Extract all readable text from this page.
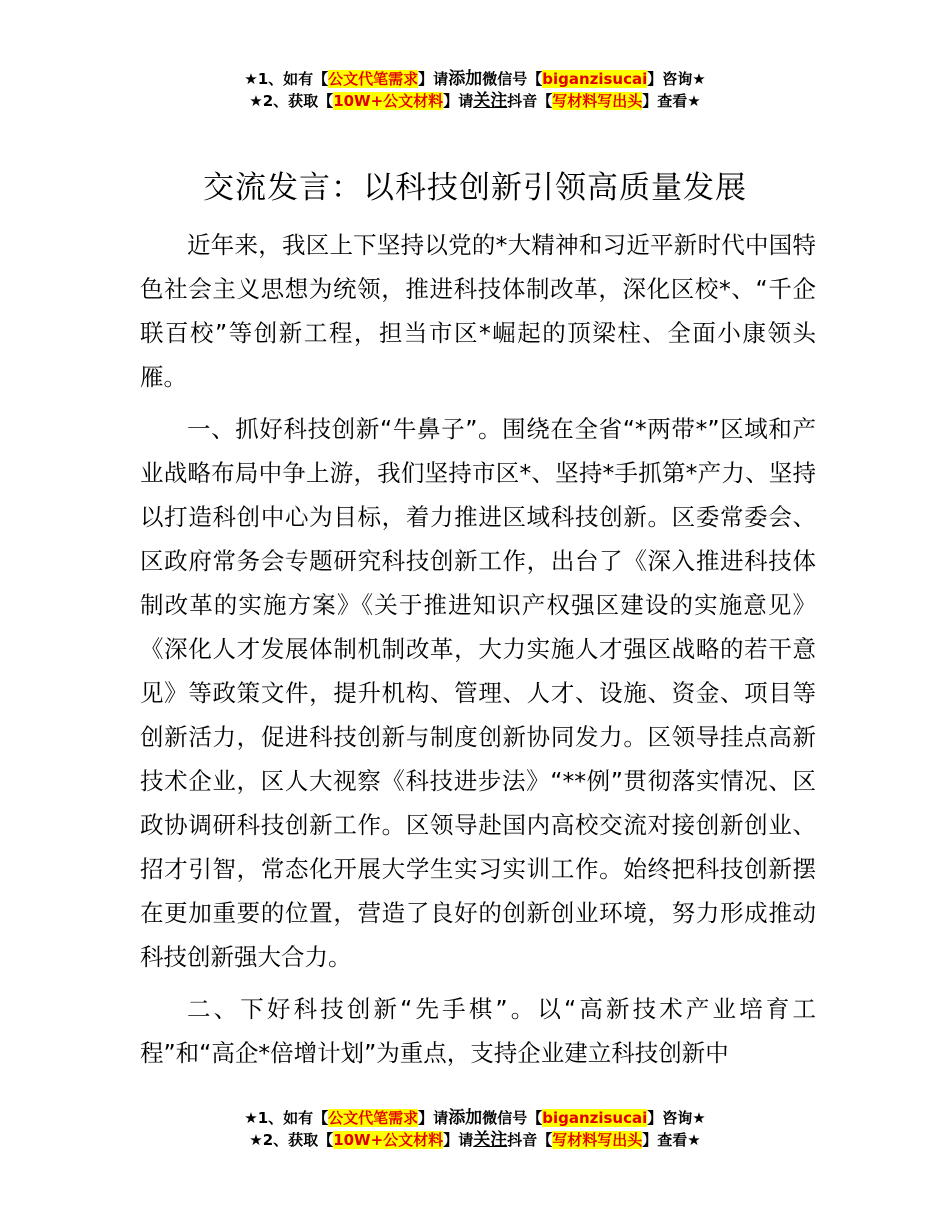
★1、如有【公文代笔需求】请添加微信号【biganzisucai】咨询★
★2、获取【10W+公文材料】请关注抖音【写材料写出头】查看★
交流发言：以科技创新引领高质量发展

近年来，我区上下坚持以党的*大精神和习近平新时代中国特色社会主义思想为统领，推进科技体制改革，深化区校*、“千企联百校”等创新工程，担当市区*崛起的顶梁柱、全面小康领头雁。

一、抓好科技创新“牛鼻子”。围绕在全省“*两带*”区域和产业战略布局中争上游，我们坚持市区*、坚持*手抓第*产力、坚持以打造科创中心为目标，着力推进区域科技创新。区委常委会、区政府常务会专题研究科技创新工作，出台了《深入推进科技体制改革的实施方案》《关于推进知识产权强区建设的实施意见》《深化人才发展体制机制改革，大力实施人才强区战略的若干意见》等政策文件，提升机构、管理、人才、设施、资金、项目等创新活力，促进科技创新与制度创新协同发力。区领导挂点高新技术企业，区人大视察《科技进步法》“**例”贯彻落实情况、区政协调研科技创新工作。区领导赴国内高校交流对接创新创业、招才引智，常态化开展大学生实习实训工作。始终把科技创新摆在更加重要的位置，营造了良好的创新创业环境，努力形成推动科技创新强大合力。

二、下好科技创新“先手棋”。以“高新技术产业培育工程”和“高企*倍增计划”为重点，支持企业建立科技创新中

★1、如有【公文代笔需求】请添加微信号【biganzisucai】咨询★
★2、获取【10W+公文材料】请关注抖音【写材料写出头】查看★
